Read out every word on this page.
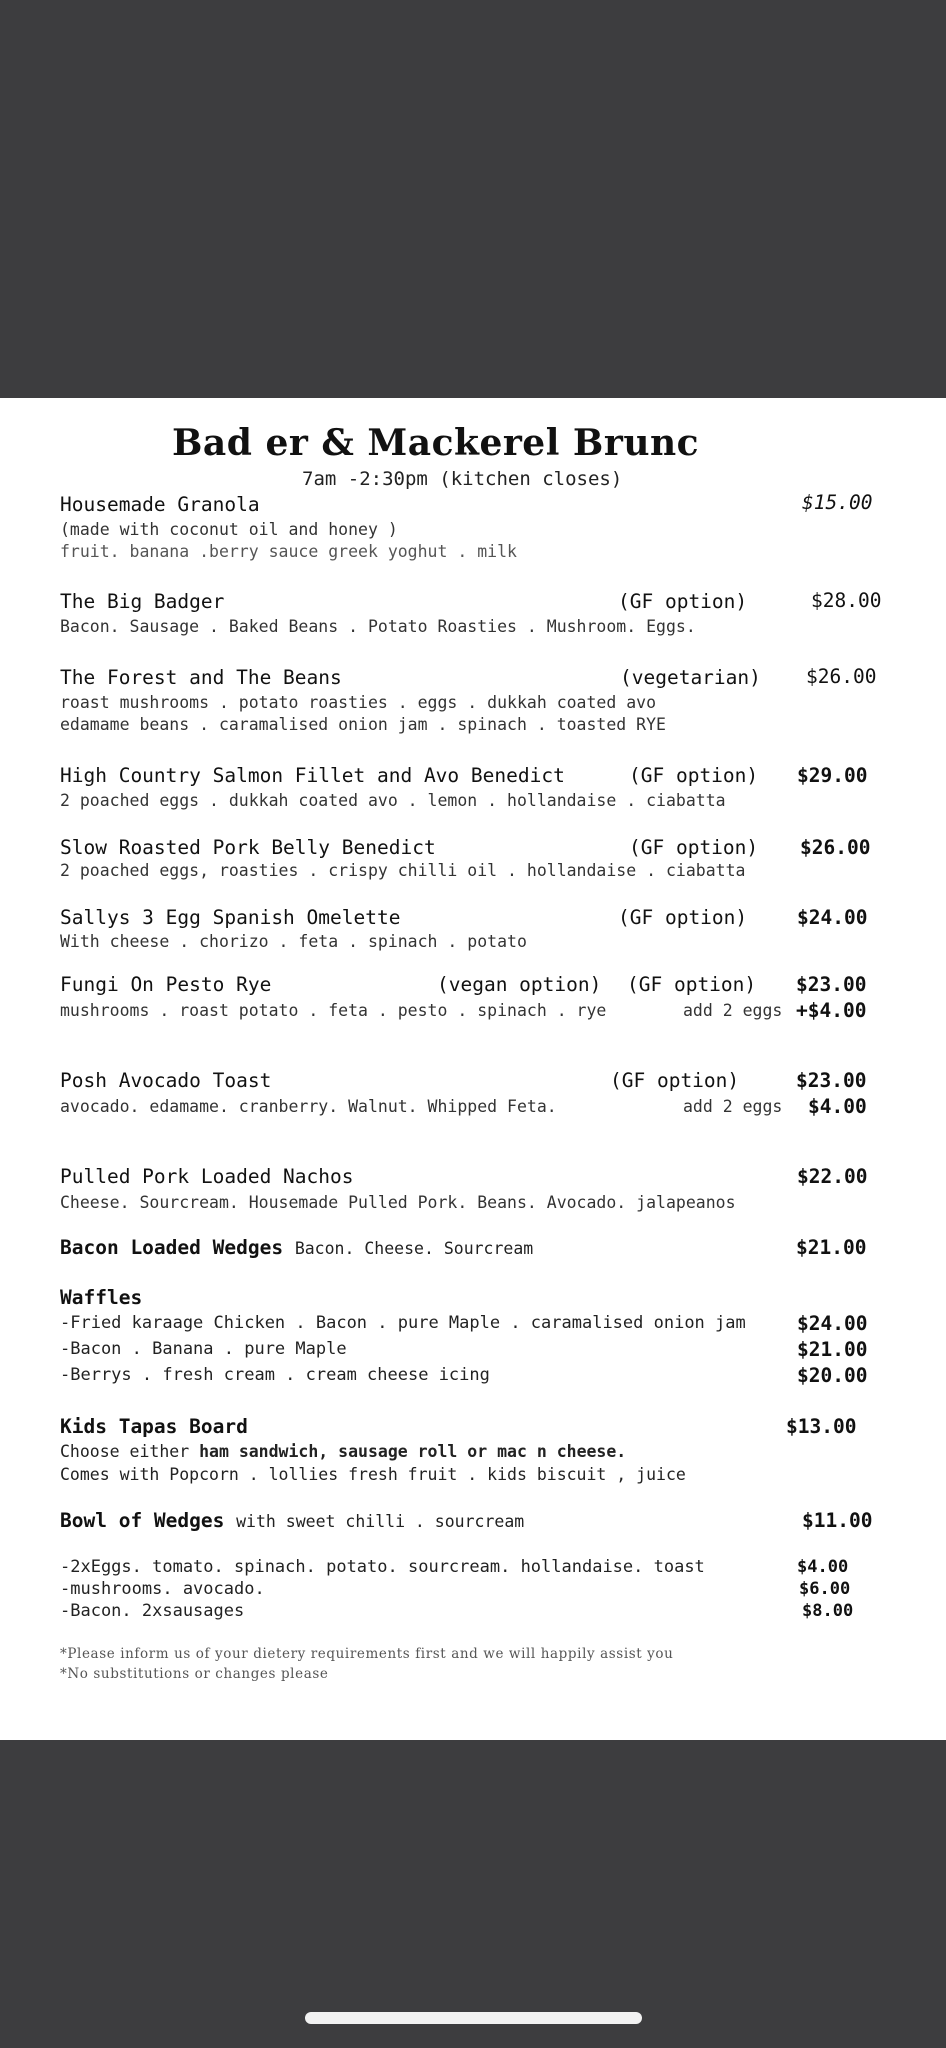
Bad er & Mackerel Brunc
7am -2:30pm (kitchen closes)
Housemade Granola	$15.00
(made with coconut oil and honey )
fruit. banana .berry sauce greek yoghut . milk
The Big Badger	(GF option)	$28.00
Bacon. Sausage . Baked Beans . Potato Roasties . Mushroom. Eggs.
The Forest and The Beans	(vegetarian) $26.00
roast mushrooms . potato roasties . eggs . dukkah coated avo
edamame beans . caramalised onion jam . spinach . toasted RYE
High Country Salmon Fillet and Avo Benedict	(GF option) $29.00
2 poached eggs . dukkah coated avo . lemon . hollandaise . ciabatta
Slow Roasted Pork Belly Benedict	(GF option) $26.00
2 poached eggs, roasties . crispy chilli oil . hollandaise . ciabatta
Sallys 3 Egg Spanish Omelettе	(GF option)	$24.00
With cheese . chorizo . feta . spinach . potato
Fungi On Pesto Rye	(vegan option) (GF option) $23.00
mushrooms . roast potato . feta . pesto . spinach . rye	add 2 eggs +$4.00
Posh Avocado Toast	(GF option)	$23.00
avocado. edamame. cranberry. Walnut. Whipped Feta.	add 2 eggs $4.00
Pulled Pork Loaded Nachos	$22.00
Cheese. Sourcream. Housemade Pulled Pork. Beans. Avocado. jalapeanos
Bacon Loaded Wedges Bacon. Cheese. Sourcream	$21.00
Waffles
-Fried karaage Chicken . Bacon . pure Maple . caramalised onion jam	$24.00
-Bacon . Banana . pure Maple	$21.00
-Berrys . fresh cream . cream cheese icing	$20.00
Kids Tapas Board	$13.00
Choose either ham sandwich, sausage roll or mac n cheese.
Comes with Popcorn . lollies fresh fruit . kids biscuit , juice
Bowl of Wedges with sweet chilli . sourcream	$11.00
-2xEggs. tomato. spinach. potato. sourcream. hollandaise. toast	$4.00
-mushrooms. avocado.	$6.00
-Bacon. 2xsausages	$8.00
*Please inform us of your dietery requirements first and we will happily assist you
*No substitutions or changes please
